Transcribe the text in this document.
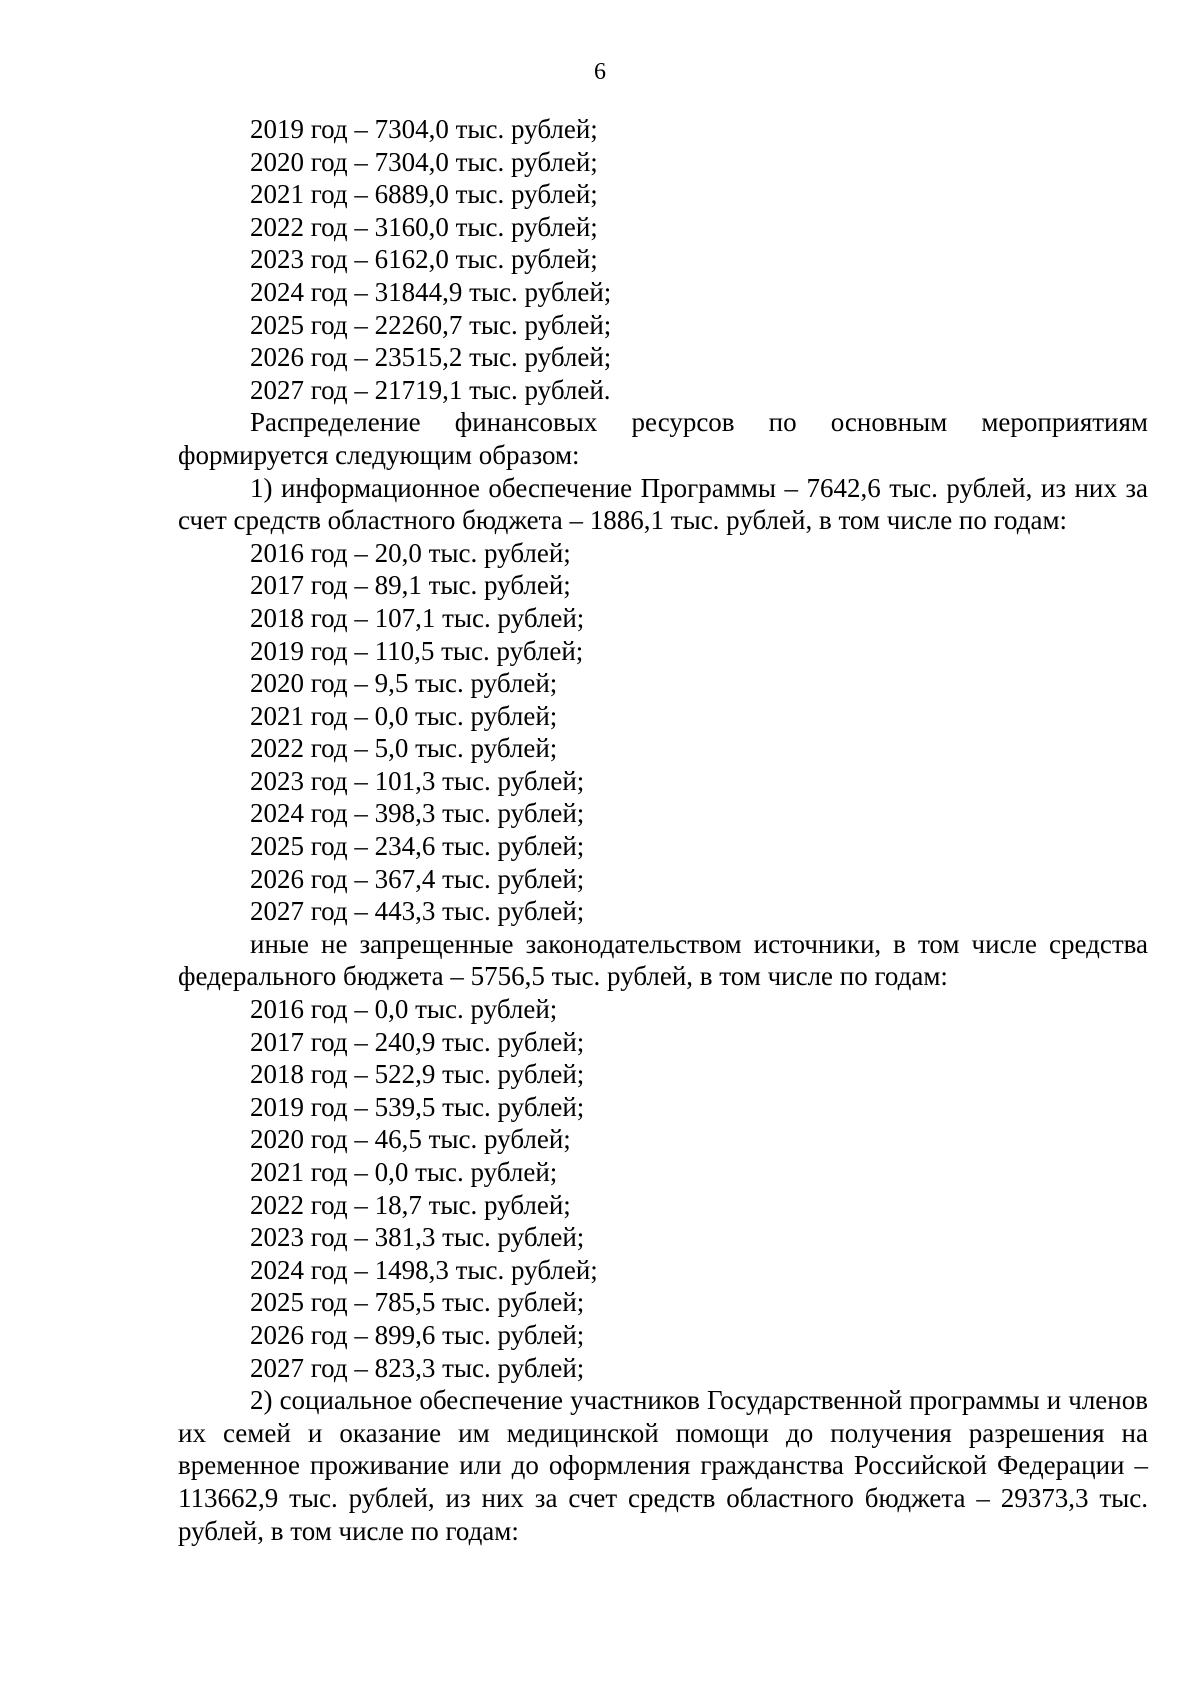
6

2019 год – 7304,0 тыс. рублей;

2020 год – 7304,0 тыс. рублей;

2021 год – 6889,0 тыс. рублей;

2022 год – 3160,0 тыс. рублей;

2023 год – 6162,0 тыс. рублей;

2024 год – 31844,9 тыс. рублей;

2025 год – 22260,7 тыс. рублей;

2026 год – 23515,2 тыс. рублей;

2027 год – 21719,1 тыс. рублей.

Распределение финансовых ресурсов по основным мероприятиям формируется следующим образом:

1) информационное обеспечение Программы – 7642,6 тыс. рублей, из них за счет средств областного бюджета – 1886,1 тыс. рублей, в том числе по годам:

2016 год – 20,0 тыс. рублей;

2017 год – 89,1 тыс. рублей;

2018 год – 107,1 тыс. рублей;

2019 год – 110,5 тыс. рублей;

2020 год – 9,5 тыс. рублей;

2021 год – 0,0 тыс. рублей;

2022 год – 5,0 тыс. рублей;

2023 год – 101,3 тыс. рублей;

2024 год – 398,3 тыс. рублей;

2025 год – 234,6 тыс. рублей;

2026 год – 367,4 тыс. рублей;

2027 год – 443,3 тыс. рублей;

иные не запрещенные законодательством источники, в том числе средства федерального бюджета – 5756,5 тыс. рублей, в том числе по годам:

2016 год – 0,0 тыс. рублей;

2017 год – 240,9 тыс. рублей;

2018 год – 522,9 тыс. рублей;

2019 год – 539,5 тыс. рублей;

2020 год – 46,5 тыс. рублей;

2021 год – 0,0 тыс. рублей;

2022 год – 18,7 тыс. рублей;

2023 год – 381,3 тыс. рублей;

2024 год – 1498,3 тыс. рублей;

2025 год – 785,5 тыс. рублей;

2026 год – 899,6 тыс. рублей;

2027 год – 823,3 тыс. рублей;

2) социальное обеспечение участников Государственной программы и членов их семей и оказание им медицинской помощи до получения разрешения на временное проживание или до оформления гражданства Российской Федерации – 113662,9 тыс. рублей, из них за счет средств областного бюджета – 29373,3 тыс. рублей, в том числе по годам:
